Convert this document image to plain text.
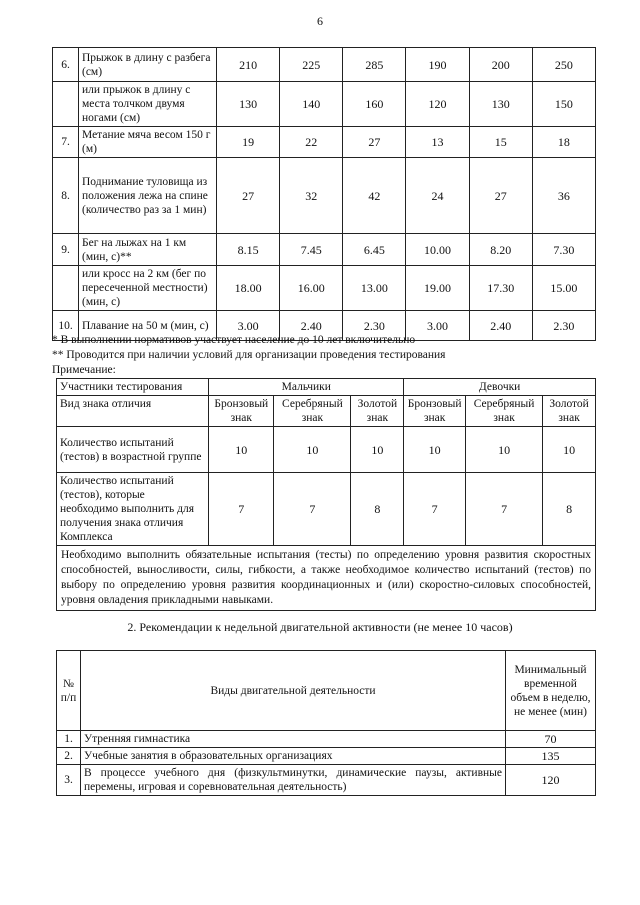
6
6.	Прыжок в длину с разбега (см)	210	225	285	190	200	250
	или прыжок в длину с места толчком двумя ногами (см)	130	140	160	120	130	150
7.	Метание мяча весом 150 г (м)	19	22	27	13	15	18
8.	Поднимание туловища из положения лежа на спине (количество раз за 1 мин)	27	32	42	24	27	36
9.	Бег на лыжах на 1 км (мин, с)**	8.15	7.45	6.45	10.00	8.20	7.30
	или кросс на 2 км (бег по пересеченной местности) (мин, с)	18.00	16.00	13.00	19.00	17.30	15.00
10.	Плавание на 50 м (мин, с)	3.00	2.40	2.30	3.00	2.40	2.30
* В выполнении нормативов участвует население до 10 лет включительно
** Проводится при наличии условий для организации проведения тестирования
Примечание:
Участники тестирования	Мальчики			Девочки		
Вид знака отличия	Бронзовый знак	Серебряный знак	Золотой знак	Бронзовый знак	Серебряный знак	Золотой знак
Количество испытаний (тестов) в возрастной группе	10	10	10	10	10	10
Количество испытаний (тестов), которые необходимо выполнить для получения знака отличия Комплекса	7	7	8	7	7	8
Необходимо выполнить обязательные испытания (тесты) по определению уровня развития скоростных способностей, выносливости, силы, гибкости, а также необходимое количество испытаний (тестов) по выбору по определению уровня развития координационных и (или) скоростно-силовых способностей, уровня овладения прикладными навыками.						
2. Рекомендации к недельной двигательной активности (не менее 10 часов)
№ п/п	Виды двигательной деятельности	Минимальный временной объем в неделю, не менее (мин)
1.	Утренняя гимнастика	70
2.	Учебные занятия в образовательных организациях	135
3.	В процессе учебного дня (физкультминутки, динамические паузы, активные перемены, игровая и соревновательная деятельность)	120
